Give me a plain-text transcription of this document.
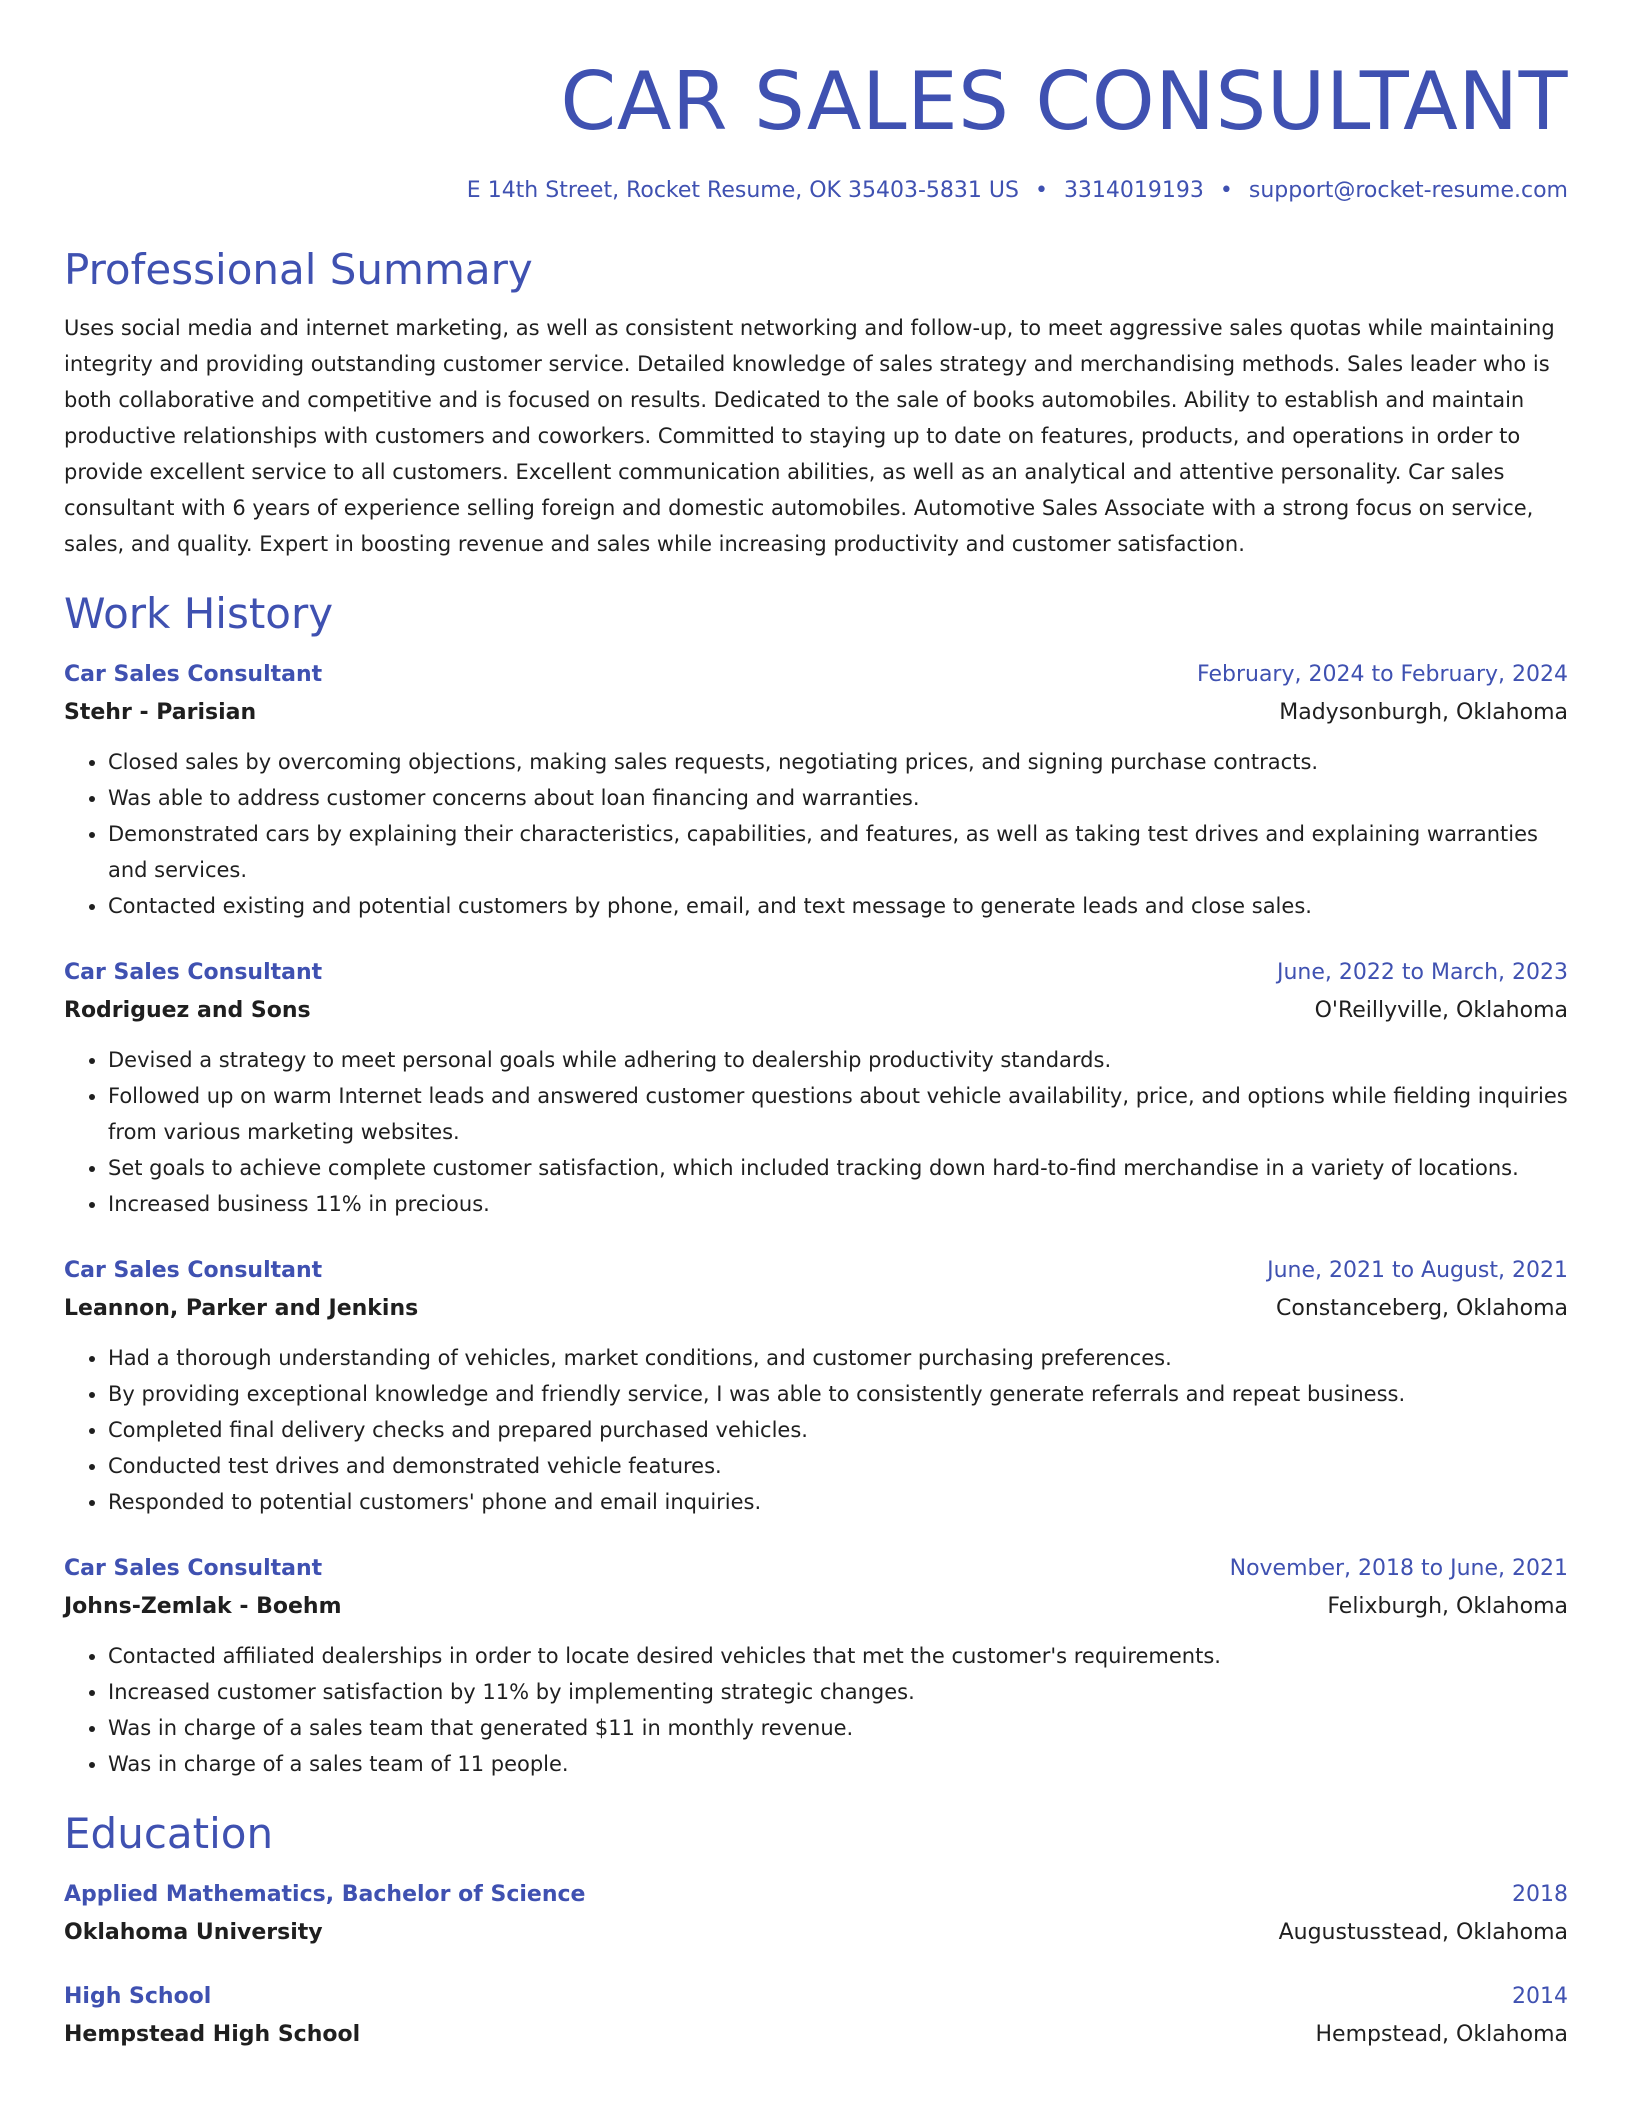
CAR SALES CONSULTANT
E 14th Street, Rocket Resume, OK 35403-5831 US • 3314019193 • support@rocket-resume.com
Professional Summary
Uses social media and internet marketing, as well as consistent networking and follow-up, to meet aggressive sales quotas while maintaining integrity and providing outstanding customer service. Detailed knowledge of sales strategy and merchandising methods. Sales leader who is both collaborative and competitive and is focused on results. Dedicated to the sale of books automobiles. Ability to establish and maintain productive relationships with customers and coworkers. Committed to staying up to date on features, products, and operations in order to provide excellent service to all customers. Excellent communication abilities, as well as an analytical and attentive personality. Car sales consultant with 6 years of experience selling foreign and domestic automobiles. Automotive Sales Associate with a strong focus on service, sales, and quality. Expert in boosting revenue and sales while increasing productivity and customer satisfaction.
Work History
Car Sales Consultant	February, 2024 to February, 2024
Stehr - Parisian	Madysonburgh, Oklahoma
• Closed sales by overcoming objections, making sales requests, negotiating prices, and signing purchase contracts.
• Was able to address customer concerns about loan financing and warranties.
• Demonstrated cars by explaining their characteristics, capabilities, and features, as well as taking test drives and explaining warranties and services.
• Contacted existing and potential customers by phone, email, and text message to generate leads and close sales.
Car Sales Consultant	June, 2022 to March, 2023
Rodriguez and Sons	O'Reillyville, Oklahoma
• Devised a strategy to meet personal goals while adhering to dealership productivity standards.
• Followed up on warm Internet leads and answered customer questions about vehicle availability, price, and options while fielding inquiries from various marketing websites.
• Set goals to achieve complete customer satisfaction, which included tracking down hard-to-find merchandise in a variety of locations.
• Increased business 11% in precious.
Car Sales Consultant	June, 2021 to August, 2021
Leannon, Parker and Jenkins	Constanceberg, Oklahoma
• Had a thorough understanding of vehicles, market conditions, and customer purchasing preferences.
• By providing exceptional knowledge and friendly service, I was able to consistently generate referrals and repeat business.
• Completed final delivery checks and prepared purchased vehicles.
• Conducted test drives and demonstrated vehicle features.
• Responded to potential customers' phone and email inquiries.
Car Sales Consultant	November, 2018 to June, 2021
Johns-Zemlak - Boehm	Felixburgh, Oklahoma
• Contacted affiliated dealerships in order to locate desired vehicles that met the customer's requirements.
• Increased customer satisfaction by 11% by implementing strategic changes.
• Was in charge of a sales team that generated $11 in monthly revenue.
• Was in charge of a sales team of 11 people.
Education
Applied Mathematics, Bachelor of Science	2018
Oklahoma University	Augustusstead, Oklahoma
High School	2014
Hempstead High School	Hempstead, Oklahoma
